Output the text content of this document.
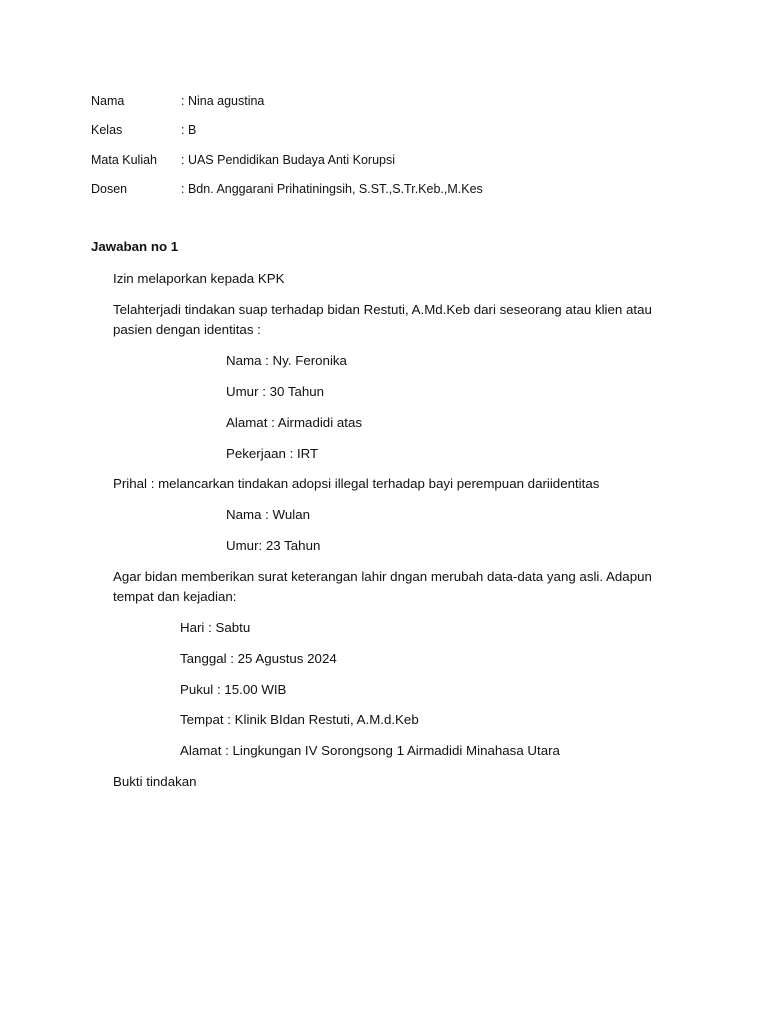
Nama	: Nina agustina
Kelas	: B
Mata Kuliah : UAS Pendidikan Budaya Anti Korupsi
Dosen	: Bdn. Anggarani Prihatiningsih, S.ST.,S.Tr.Keb.,M.Kes
Jawaban no 1
Izin melaporkan kepada KPK
Telahterjadi tindakan suap terhadap bidan Restuti, A.Md.Keb dari seseorang atau klien atau
pasien dengan identitas :
Nama : Ny. Feronika
Umur : 30 Tahun
Alamat : Airmadidi atas
Pekerjaan : IRT
Prihal : melancarkan tindakan adopsi illegal terhadap bayi perempuan dariidentitas
Nama : Wulan
Umur: 23 Tahun
Agar bidan memberikan surat keterangan lahir dngan merubah data-data yang asli. Adapun
tempat dan kejadian:
Hari : Sabtu
Tanggal : 25 Agustus 2024
Pukul : 15.00 WIB
Tempat : Klinik BIdan Restuti, A.M.d.Keb
Alamat : Lingkungan IV Sorongsong 1 Airmadidi Minahasa Utara
Bukti tindakan
